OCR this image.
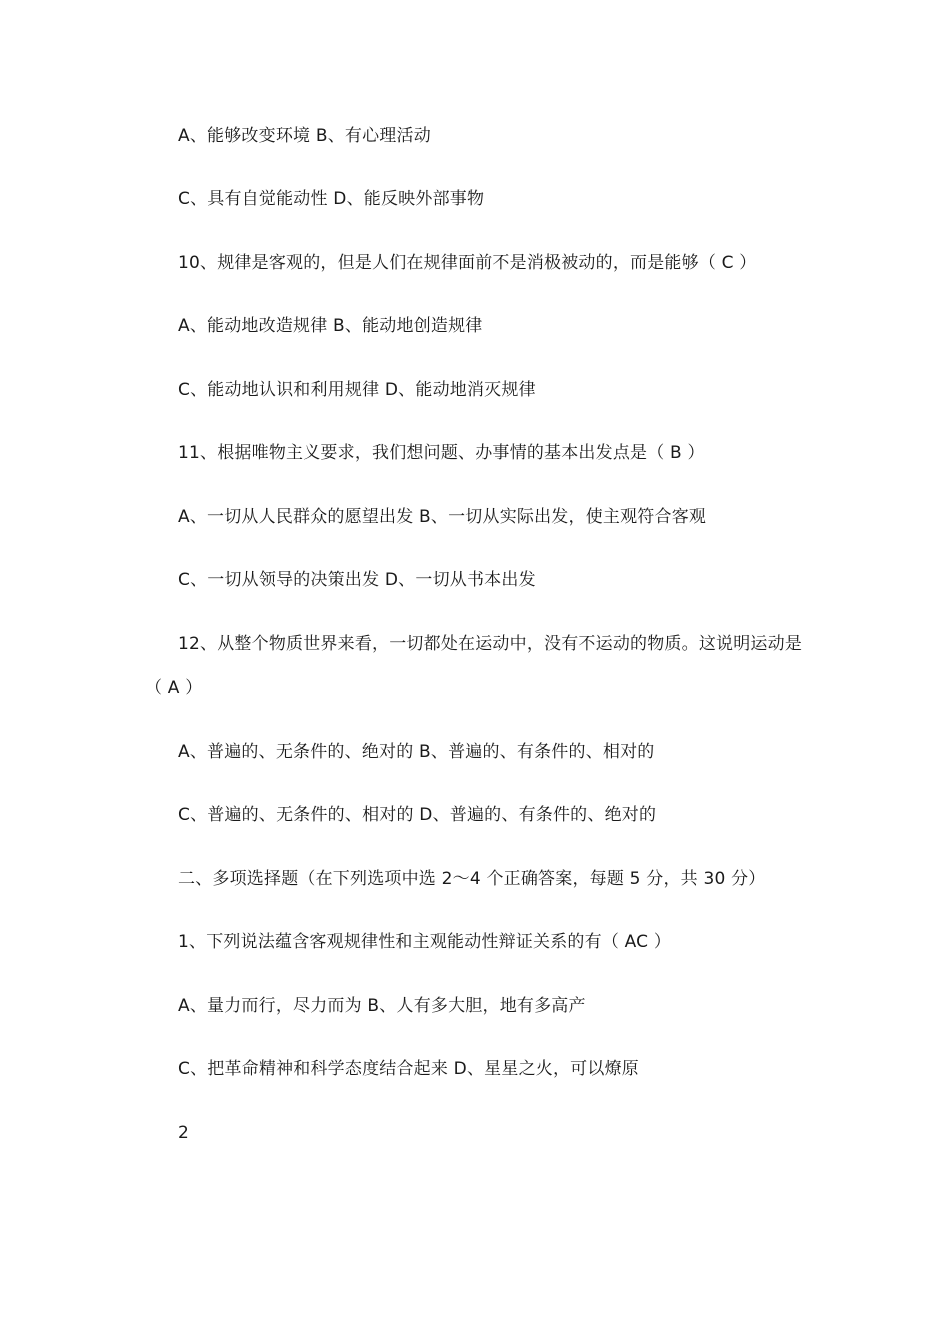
A、能够改变环境 B、有心理活动
C、具有自觉能动性 D、能反映外部事物
10、规律是客观的，但是人们在规律面前不是消极被动的，而是能够（ C ）
A、能动地改造规律 B、能动地创造规律
C、能动地认识和利用规律 D、能动地消灭规律
11、根据唯物主义要求，我们想问题、办事情的基本出发点是（ B ）
A、一切从人民群众的愿望出发 B、一切从实际出发，使主观符合客观
C、一切从领导的决策出发 D、一切从书本出发
12、从整个物质世界来看，一切都处在运动中，没有不运动的物质。这说明运动是（ A ）
A、普遍的、无条件的、绝对的 B、普遍的、有条件的、相对的
C、普遍的、无条件的、相对的 D、普遍的、有条件的、绝对的
二、多项选择题（在下列选项中选 2～4 个正确答案，每题 5 分，共 30 分）
1、下列说法蕴含客观规律性和主观能动性辩证关系的有（ AC ）
A、量力而行，尽力而为 B、人有多大胆，地有多高产
C、把革命精神和科学态度结合起来 D、星星之火，可以燎原
2
